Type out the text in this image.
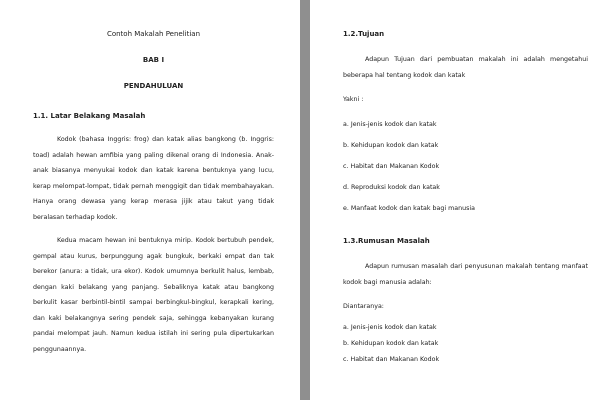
Contoh Makalah Penelitian

BAB I

PENDAHULUAN

1.1. Latar Belakang Masalah

Kodok (bahasa Inggris: frog) dan katak alias bangkong (b. Inggris: toad) adalah hewan amfibia yang paling dikenal orang di Indonesia. Anak-anak biasanya menyukai kodok dan katak karena bentuknya yang lucu, kerap melompat-lompat, tidak pernah menggigit dan tidak membahayakan. Hanya orang dewasa yang kerap merasa jijik atau takut yang tidak beralasan terhadap kodok.

Kedua macam hewan ini bentuknya mirip. Kodok bertubuh pendek, gempal atau kurus, berpunggung agak bungkuk, berkaki empat dan tak berekor (anura: a tidak, ura ekor). Kodok umumnya berkulit halus, lembab, dengan kaki belakang yang panjang. Sebaliknya katak atau bangkong berkulit kasar berbintil-bintil sampai berbingkul-bingkul, kerapkali kering, dan kaki belakangnya sering pendek saja, sehingga kebanyakan kurang pandai melompat jauh. Namun kedua istilah ini sering pula dipertukarkan penggunaannya.

1.2.Tujuan

Adapun Tujuan dari pembuatan makalah ini adalah mengetahui beberapa hal tentang kodok dan katak

Yakni :

a. Jenis-jenis kodok dan katak
b. Kehidupan kodok dan katak
c. Habitat dan Makanan Kodok
d. Reproduksi kodok dan katak
e. Manfaat kodok dan katak bagi manusia

1.3.Rumusan Masalah

Adapun rumusan masalah dari penyusunan makalah tentang manfaat kodok bagi manusia adalah:

Diantaranya:

a. Jenis-jenis kodok dan katak
b. Kehidupan kodok dan katak
c. Habitat dan Makanan Kodok
